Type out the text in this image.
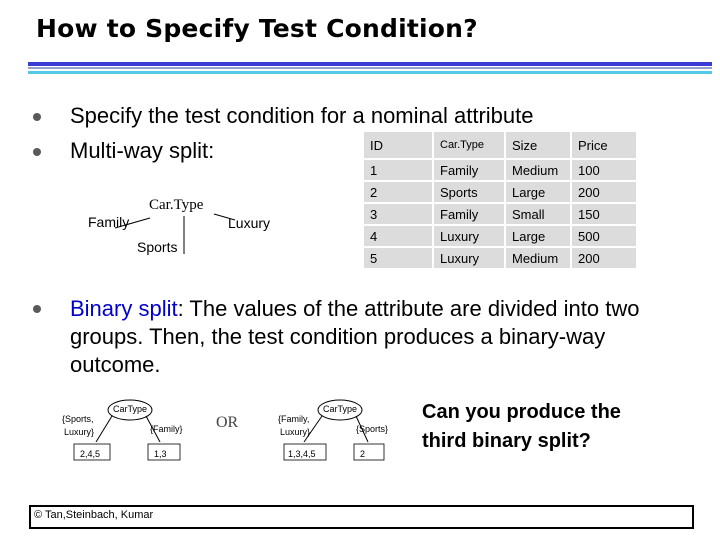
How to Specify Test Condition?
Specify the test condition for a nominal attribute
Multi-way split:
Car.Type
Family
Sports
Luxury
ID	Car.Type	Size	Price
1	Family	Medium	100
2	Sports	Large	200
3	Family	Small	150
4	Luxury	Large	500
5	Luxury	Medium	200
Binary split: The values of the attribute are divided into two groups. Then, the test condition produces a binary-way outcome.
CarType
{Sports,
Luxury}	{Family}
2,4,5	1,3
OR
CarType
{Family,
Luxury}	{Sports}
1,3,4,5	2
Can you produce the
third binary split?
© Tan,Steinbach, Kumar
